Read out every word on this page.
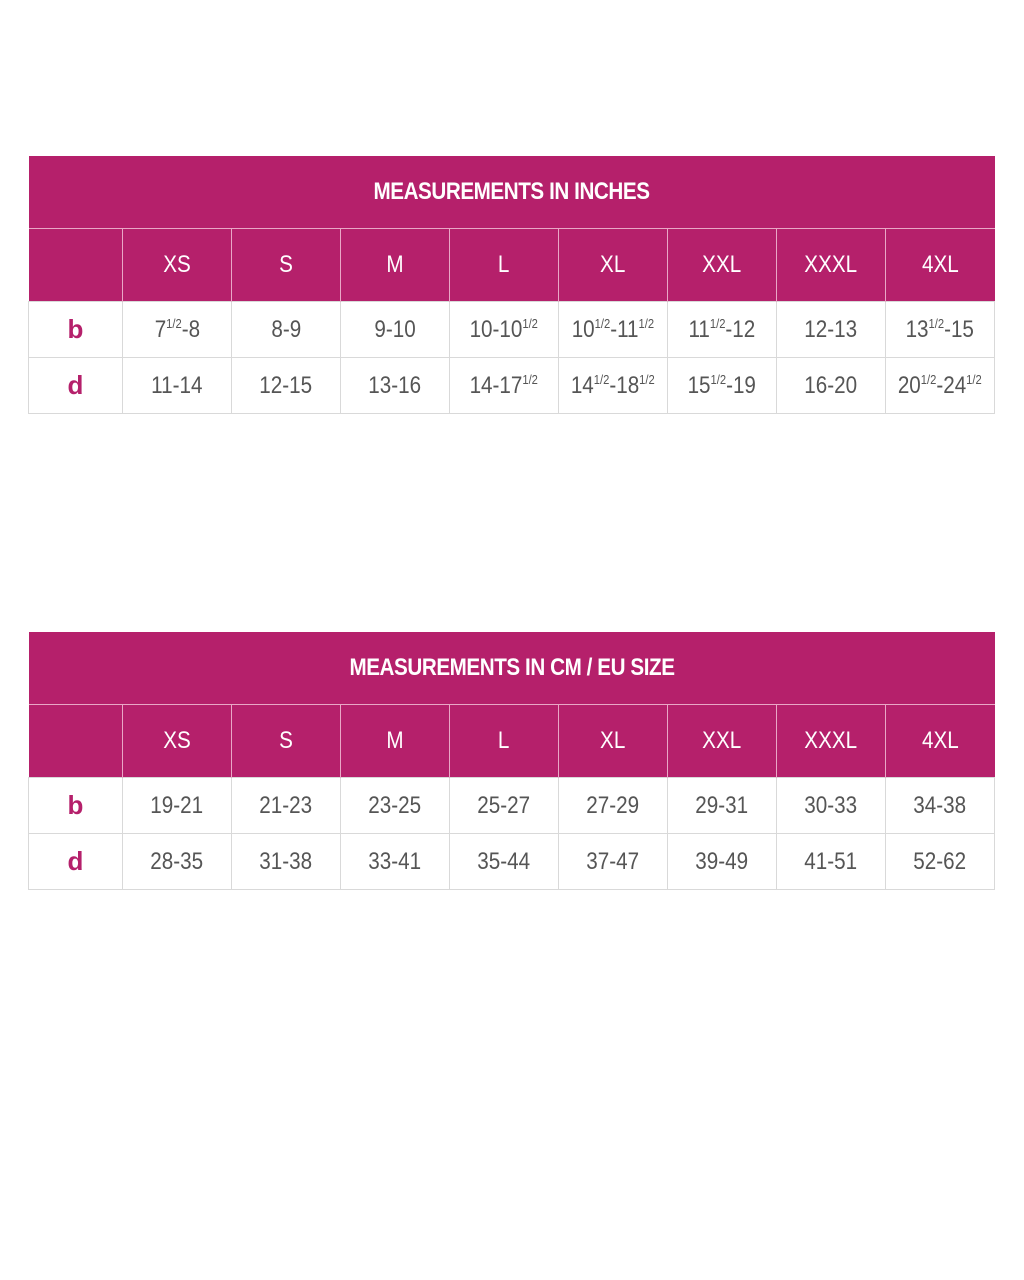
MEASUREMENTS IN INCHES								
	XS	S	M	L	XL	XXL	XXXL	4XL
b	$7^{1/2}-8$	8-9	9-10	$10-10^{1/2}$	$10^{1/2}-11^{1/2}$	$11^{1/2}-12$	12-13	$13^{1/2}-15$
d	11-14	12-15	13-16	$14-17^{1/2}$	$14^{1/2}-18^{1/2}$	$15^{1/2}-19$	16-20	$20^{1/2}-24^{1/2}$
MEASUREMENTS IN CM / EU SIZE								
	XS	S	M	L	XL	XXL	XXXL	4XL
b	19-21	21-23	23-25	25-27	27-29	29-31	30-33	34-38
d	28-35	31-38	33-41	35-44	37-47	39-49	41-51	52-62
